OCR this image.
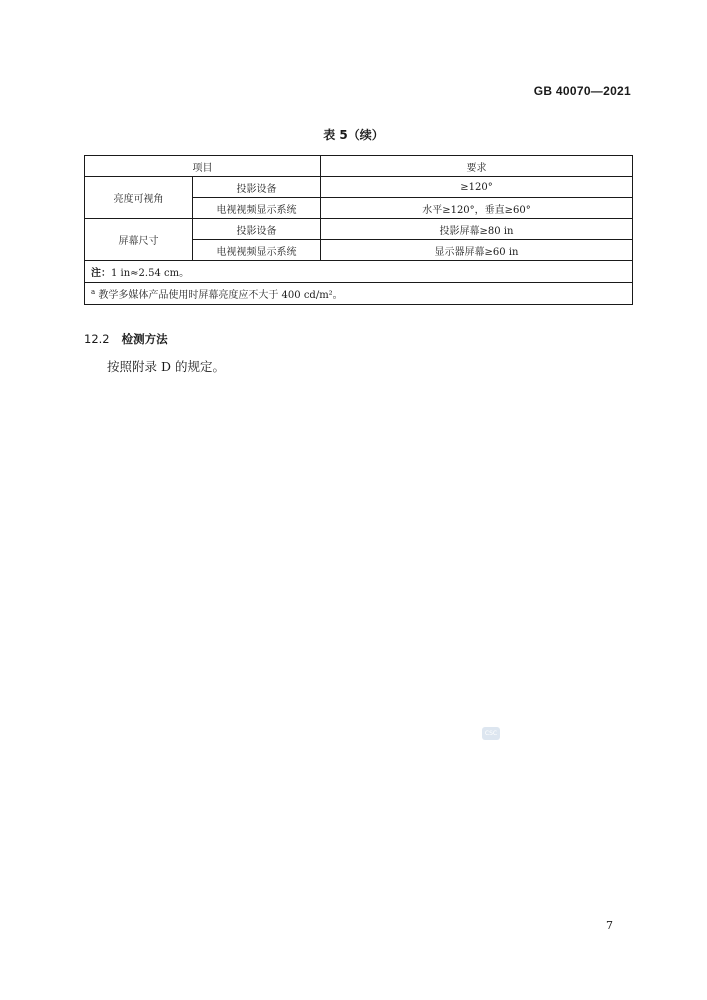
GB 40070—2021
表 5（续）
项目		要求
亮度可视角	投影设备	≥120°
	电视视频显示系统	水平≥120°，垂直≥60°
屏幕尺寸	投影设备	投影屏幕≥80 in
	电视视频显示系统	显示器屏幕≥60 in
注：1 in≈2.54 cm。		
$^a$ 教学多媒体产品使用时屏幕亮度应不大于 400 cd/m²。		
12.2 检测方法
按照附录 D 的规定。
CSC
7
